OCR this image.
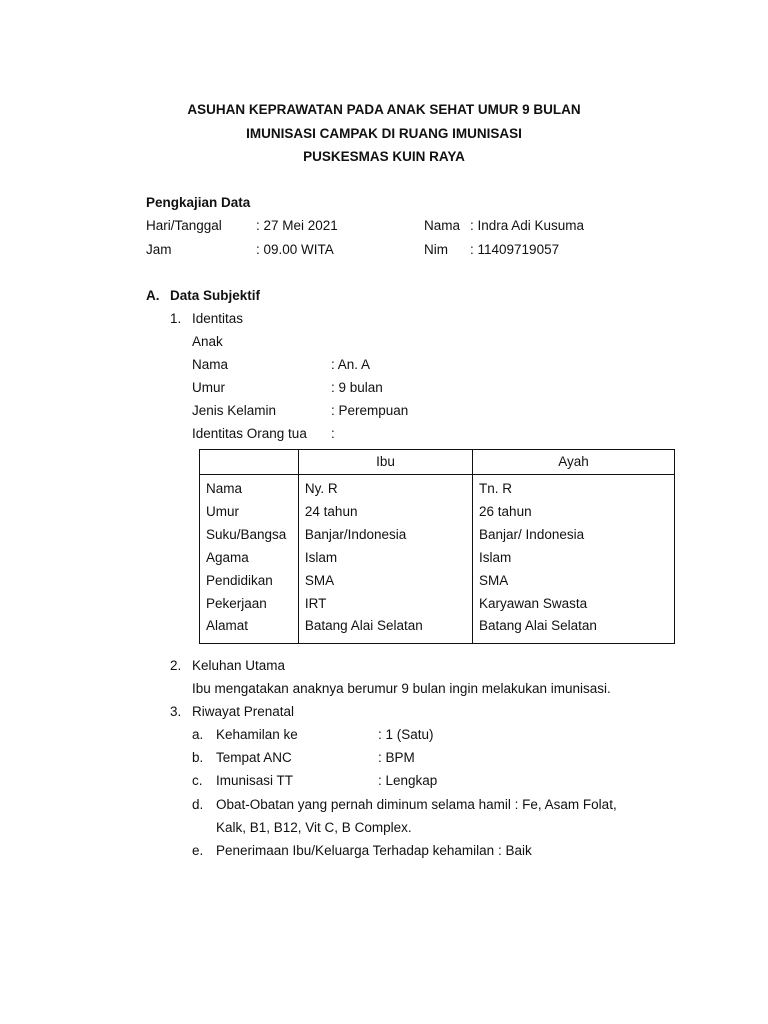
ASUHAN KEPRAWATAN PADA ANAK SEHAT UMUR 9 BULAN
IMUNISASI CAMPAK DI RUANG IMUNISASI
PUSKESMAS KUIN RAYA
Pengkajian Data
Hari/Tanggal	: 27 Mei 2021	Nama : Indra Adi Kusuma
Jam	: 09.00 WITA	Nim : 11409719057
A. Data Subjektif
1. Identitas
Anak
Nama	: An. A
Umur	: 9 bulan
Jenis Kelamin	: Perempuan
Identitas Orang tua :
	Ibu	Ayah
Nama	Ny. R	Tn. R
Umur	24 tahun	26 tahun
Suku/Bangsa	Banjar/Indonesia	Banjar/ Indonesia
Agama	Islam	Islam
Pendidikan	SMA	SMA
Pekerjaan	IRT	Karyawan Swasta
Alamat	Batang Alai Selatan	Batang Alai Selatan
2. Keluhan Utama
Ibu mengatakan anaknya berumur 9 bulan ingin melakukan imunisasi.
3. Riwayat Prenatal
a. Kehamilan ke	: 1 (Satu)
b. Tempat ANC	: BPM
c. Imunisasi TT	: Lengkap
d. Obat-Obatan yang pernah diminum selama hamil : Fe, Asam Folat,
Kalk, B1, B12, Vit C, B Complex.
e. Penerimaan Ibu/Keluarga Terhadap kehamilan : Baik
